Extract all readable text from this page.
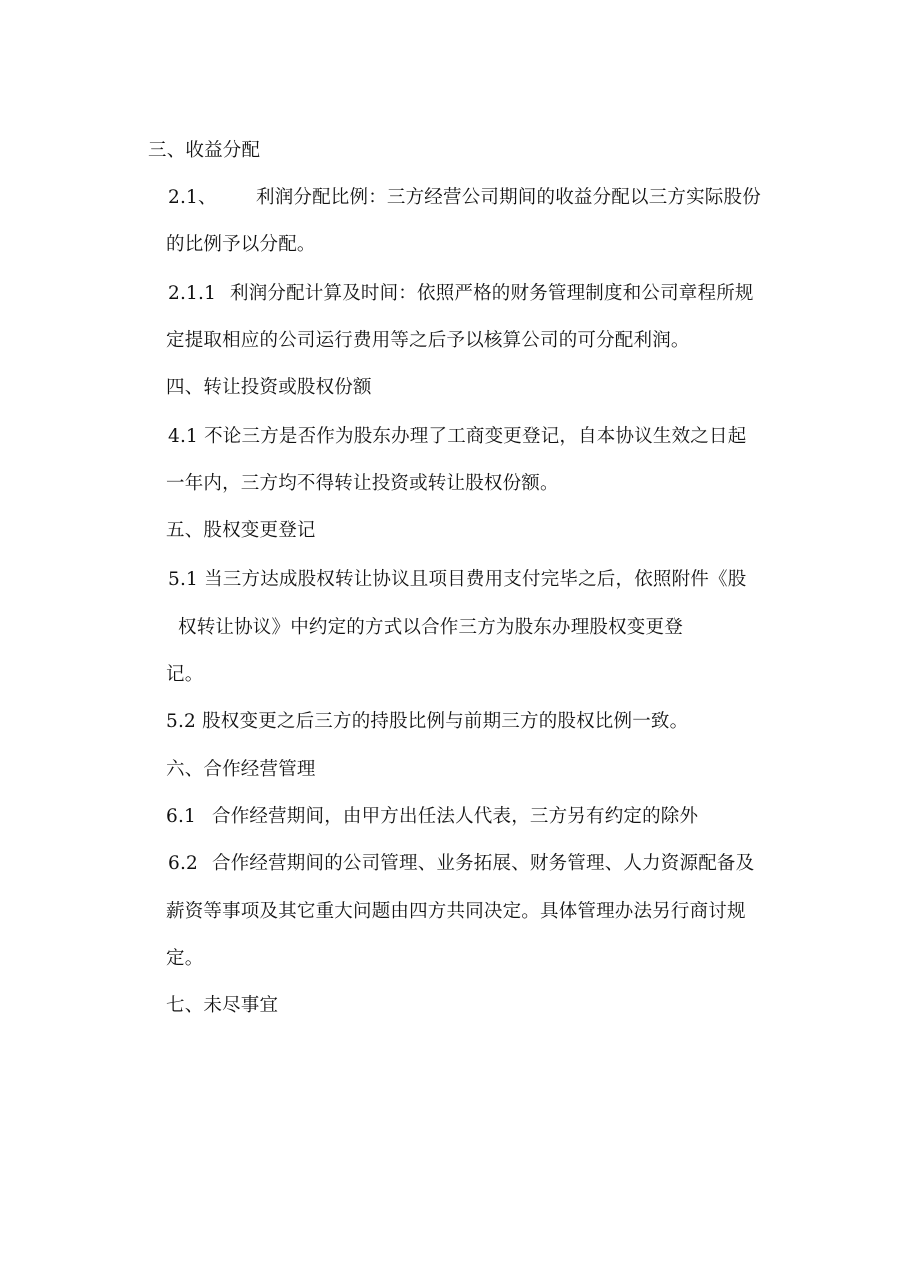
三、收益分配
2.1、 利润分配比例：三方经营公司期间的收益分配以三方实际股份
的比例予以分配。
2.1.1 利润分配计算及时间：依照严格的财务管理制度和公司章程所规
定提取相应的公司运行费用等之后予以核算公司的可分配利润。
四、转让投资或股权份额
4.1 不论三方是否作为股东办理了工商变更登记，自本协议生效之日起
一年内，三方均不得转让投资或转让股权份额。
五、股权变更登记
5.1 当三方达成股权转让协议且项目费用支付完毕之后，依照附件《股
权转让协议》中约定的方式以合作三方为股东办理股权变更登
记。
5.2 股权变更之后三方的持股比例与前期三方的股权比例一致。
六、合作经营管理
6.1 合作经营期间，由甲方出任法人代表，三方另有约定的除外
6.2 合作经营期间的公司管理、业务拓展、财务管理、人力资源配备及
薪资等事项及其它重大问题由四方共同决定。具体管理办法另行商讨规
定。
七、未尽事宜
